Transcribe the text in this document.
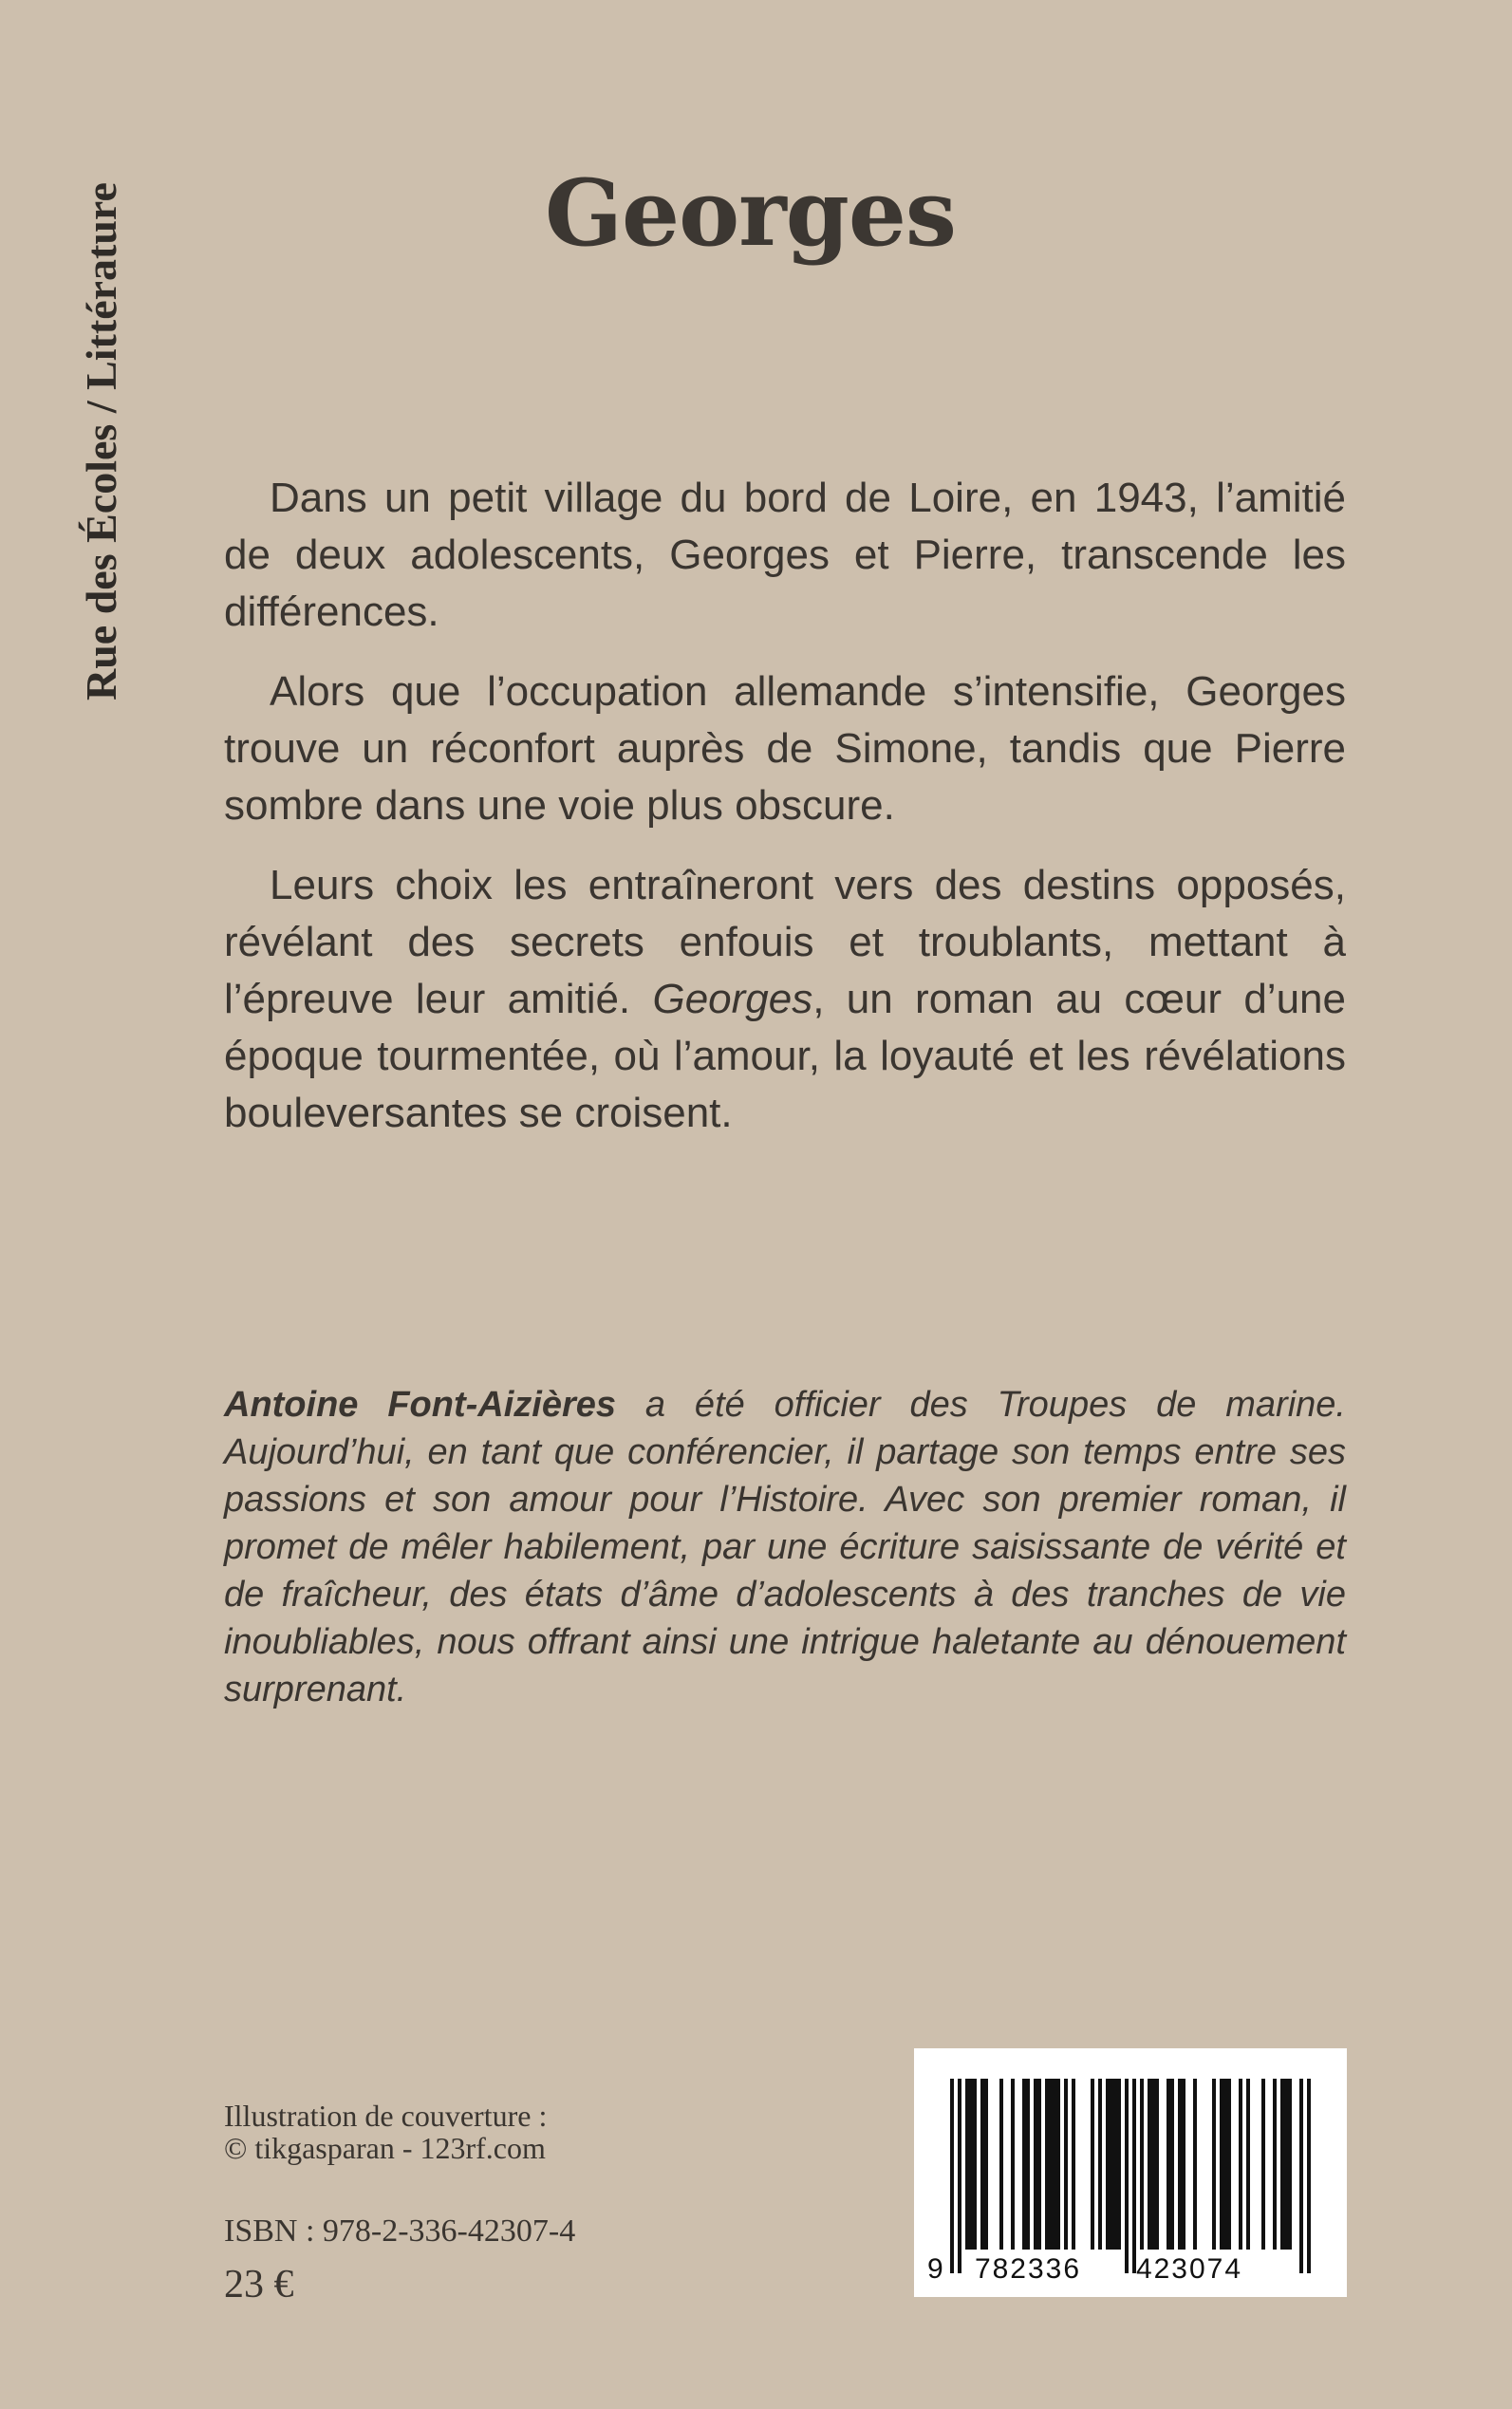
Rue des Écoles / Littérature	Georges

Dans un petit village du bord de Loire, en 1943, l’amitié de deux adolescents, Georges et Pierre, transcende les différences.

Alors que l’occupation allemande s’intensifie, Georges trouve un réconfort auprès de Simone, tandis que Pierre sombre dans une voie plus obscure.

Leurs choix les entraîneront vers des destins opposés, révélant des secrets enfouis et troublants, mettant à l’épreuve leur amitié. Georges, un roman au cœur d’une époque tourmentée, où l’amour, la loyauté et les révélations bouleversantes se croisent.

Antoine Font-Aizières a été officier des Troupes de marine. Aujourd’hui, en tant que conférencier, il partage son temps entre ses passions et son amour pour l’Histoire. Avec son premier roman, il promet de mêler habilement, par une écriture saisissante de vérité et de fraîcheur, des états d’âme d’adolescents à des tranches de vie inoubliables, nous offrant ainsi une intrigue haletante au dénouement surprenant.

Illustration de couverture :
© tikgasparan - 123rf.com
ISBN : 978-2-336-42307-4
23 €	9 782336 423074
